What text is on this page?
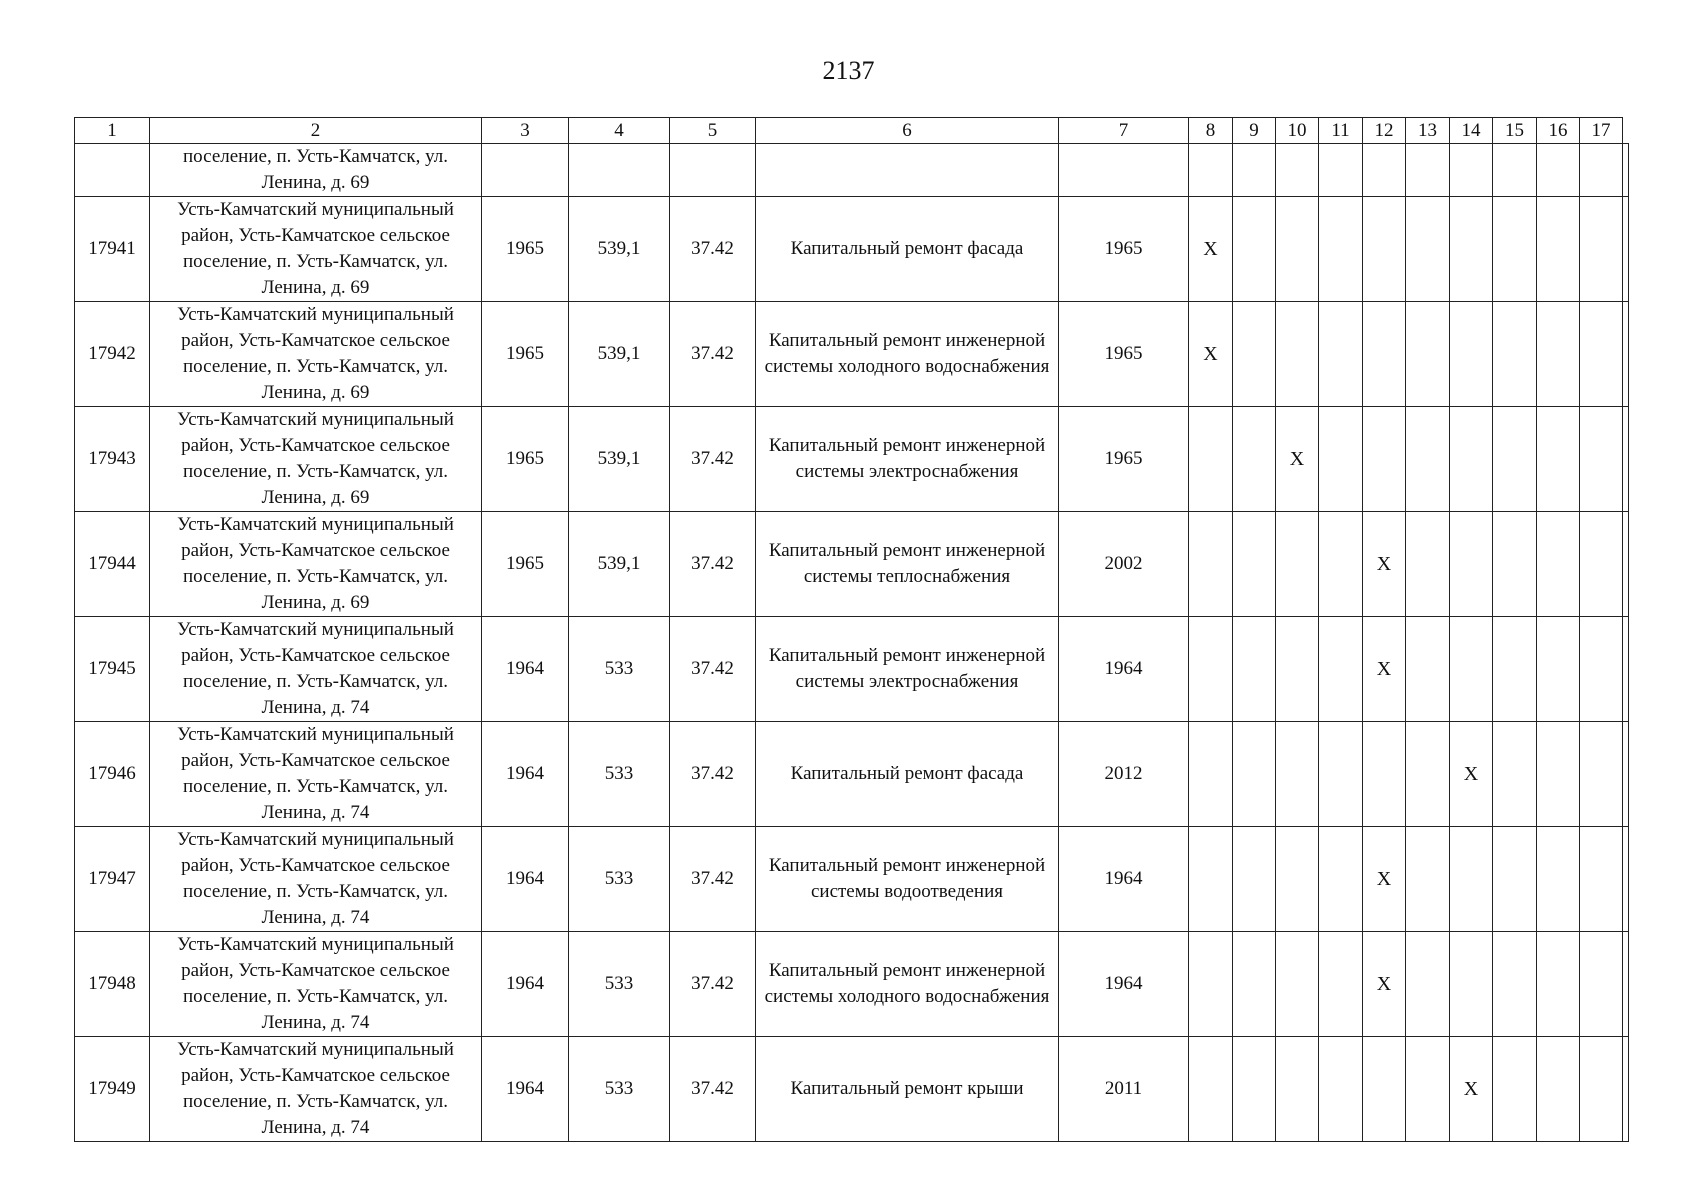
2137
1	2	3	4	5	6	7	8	9	10	11	12	13	14	15	16	17	
	поселение, п. Усть-Камчатск, ул. Ленина, д. 69																
17941	Усть-Камчатский муниципальный район, Усть-Камчатское сельское поселение, п. Усть-Камчатск, ул. Ленина, д. 69	1965	539,1	37.42	Капитальный ремонт фасада	1965	X										
17942	Усть-Камчатский муниципальный район, Усть-Камчатское сельское поселение, п. Усть-Камчатск, ул. Ленина, д. 69	1965	539,1	37.42	Капитальный ремонт инженерной системы холодного водоснабжения	1965	X										
17943	Усть-Камчатский муниципальный район, Усть-Камчатское сельское поселение, п. Усть-Камчатск, ул. Ленина, д. 69	1965	539,1	37.42	Капитальный ремонт инженерной системы электроснабжения	1965			X								
17944	Усть-Камчатский муниципальный район, Усть-Камчатское сельское поселение, п. Усть-Камчатск, ул. Ленина, д. 69	1965	539,1	37.42	Капитальный ремонт инженерной системы теплоснабжения	2002					X						
17945	Усть-Камчатский муниципальный район, Усть-Камчатское сельское поселение, п. Усть-Камчатск, ул. Ленина, д. 74	1964	533	37.42	Капитальный ремонт инженерной системы электроснабжения	1964					X						
17946	Усть-Камчатский муниципальный район, Усть-Камчатское сельское поселение, п. Усть-Камчатск, ул. Ленина, д. 74	1964	533	37.42	Капитальный ремонт фасада	2012							X				
17947	Усть-Камчатский муниципальный район, Усть-Камчатское сельское поселение, п. Усть-Камчатск, ул. Ленина, д. 74	1964	533	37.42	Капитальный ремонт инженерной системы водоотведения	1964					X						
17948	Усть-Камчатский муниципальный район, Усть-Камчатское сельское поселение, п. Усть-Камчатск, ул. Ленина, д. 74	1964	533	37.42	Капитальный ремонт инженерной системы холодного водоснабжения	1964					X						
17949	Усть-Камчатский муниципальный район, Усть-Камчатское сельское поселение, п. Усть-Камчатск, ул. Ленина, д. 74	1964	533	37.42	Капитальный ремонт крыши	2011							X				
